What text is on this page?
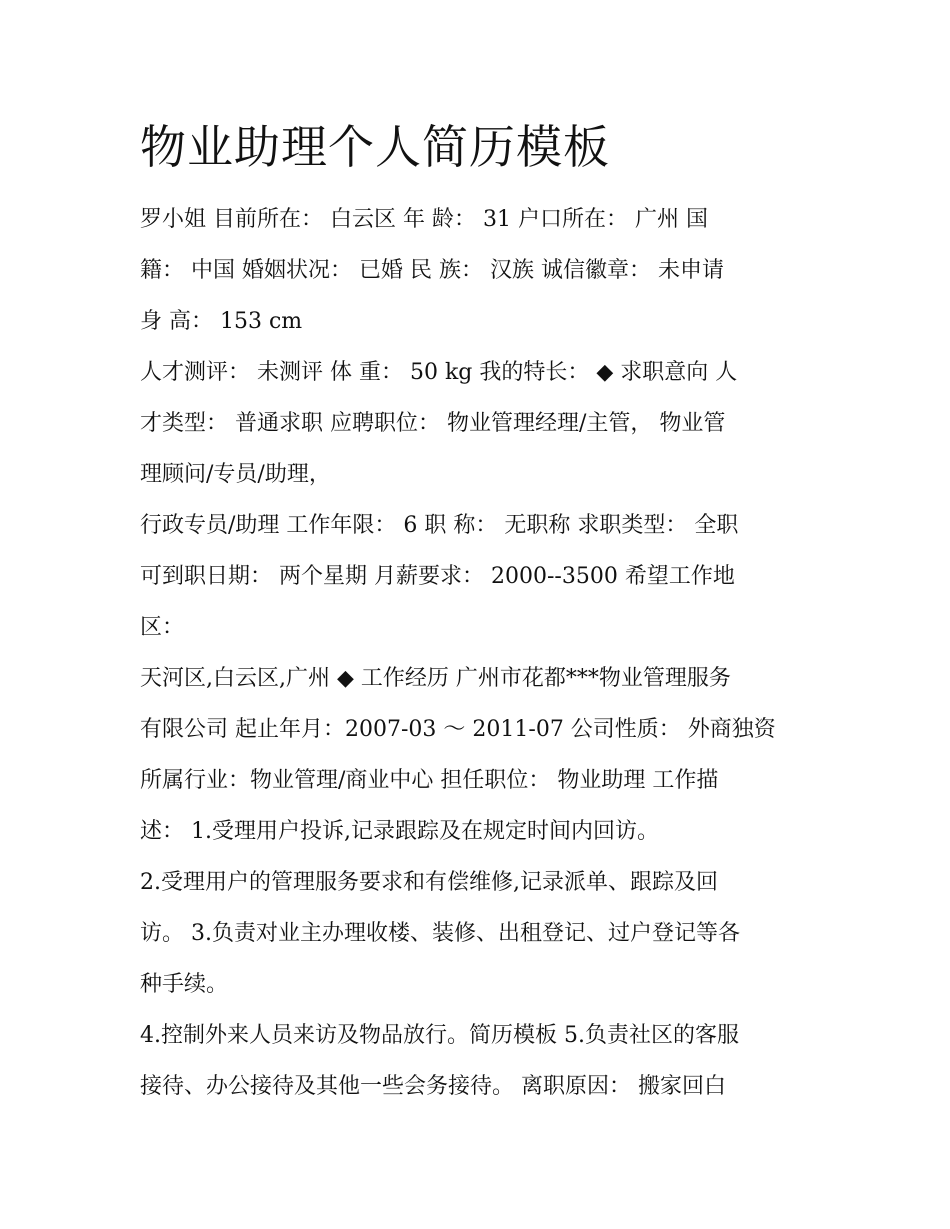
物业助理个人简历模板
罗小姐 目前所在： 白云区 年 龄： 31 户口所在： 广州 国
籍： 中国 婚姻状况： 已婚 民 族： 汉族 诚信徽章： 未申请
身 高： 153 cm
人才测评： 未测评 体 重： 50 kg 我的特长： ◆ 求职意向 人
才类型： 普通求职 应聘职位： 物业管理经理/主管， 物业管
理顾问/专员/助理，
行政专员/助理 工作年限： 6 职 称： 无职称 求职类型： 全职
可到职日期： 两个星期 月薪要求： 2000--3500 希望工作地
区：
天河区,白云区,广州 ◆ 工作经历 广州市花都***物业管理服务
有限公司 起止年月：2007-03 ～ 2011-07 公司性质： 外商独资
所属行业：物业管理/商业中心 担任职位： 物业助理 工作描
述： 1.受理用户投诉,记录跟踪及在规定时间内回访。
2.受理用户的管理服务要求和有偿维修,记录派单、跟踪及回
访。 3.负责对业主办理收楼、装修、出租登记、过户登记等各
种手续。
4.控制外来人员来访及物品放行。简历模板 5.负责社区的客服
接待、办公接待及其他一些会务接待。 离职原因： 搬家回白
